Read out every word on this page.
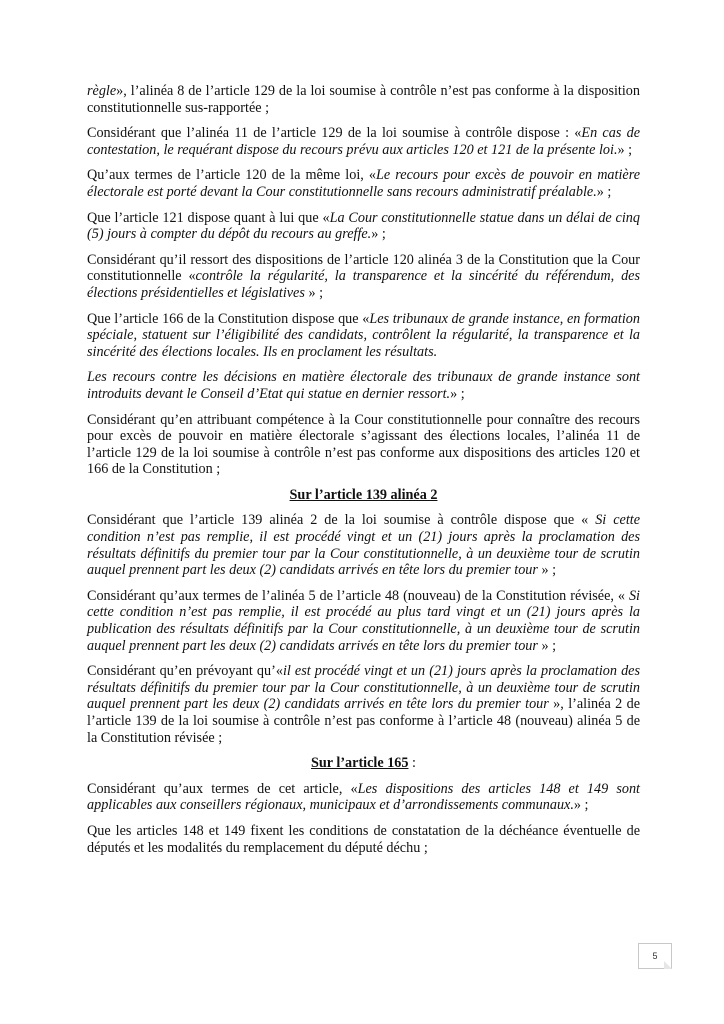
règle», l’alinéa 8 de l’article 129 de la loi soumise à contrôle n’est pas conforme à la disposition constitutionnelle sus-rapportée ;

Considérant que l’alinéa 11 de l’article 129 de la loi soumise à contrôle dispose : «En cas de contestation, le requérant dispose du recours prévu aux articles 120 et 121 de la présente loi.» ;

Qu’aux termes de l’article 120 de la même loi, «Le recours pour excès de pouvoir en matière électorale est porté devant la Cour constitutionnelle sans recours administratif préalable.» ;

Que l’article 121 dispose quant à lui que «La Cour constitutionnelle statue dans un délai de cinq (5) jours à compter du dépôt du recours au greffe.» ;

Considérant qu’il ressort des dispositions de l’article 120 alinéa 3 de la Constitution que la Cour constitutionnelle «contrôle la régularité, la transparence et la sincérité du référendum, des élections présidentielles et législatives » ;

Que l’article 166 de la Constitution dispose que «Les tribunaux de grande instance, en formation spéciale, statuent sur l’éligibilité des candidats, contrôlent la régularité, la transparence et la sincérité des élections locales. Ils en proclament les résultats.

Les recours contre les décisions en matière électorale des tribunaux de grande instance sont introduits devant le Conseil d’Etat qui statue en dernier ressort.» ;

Considérant qu’en attribuant compétence à la Cour constitutionnelle pour connaître des recours pour excès de pouvoir en matière électorale s’agissant des élections locales, l’alinéa 11 de l’article 129 de la loi soumise à contrôle n’est pas conforme aux dispositions des articles 120 et 166 de la Constitution ;

Sur l’article 139 alinéa 2

Considérant que l’article 139 alinéa 2 de la loi soumise à contrôle dispose que « Si cette condition n’est pas remplie, il est procédé vingt et un (21) jours après la proclamation des résultats définitifs du premier tour par la Cour constitutionnelle, à un deuxième tour de scrutin auquel prennent part les deux (2) candidats arrivés en tête lors du premier tour » ;

Considérant qu’aux termes de l’alinéa 5 de l’article 48 (nouveau) de la Constitution révisée, « Si cette condition n’est pas remplie, il est procédé au plus tard vingt et un (21) jours après la publication des résultats définitifs par la Cour constitutionnelle, à un deuxième tour de scrutin auquel prennent part les deux (2) candidats arrivés en tête lors du premier tour » ;

Considérant qu’en prévoyant qu’«il est procédé vingt et un (21) jours après la proclamation des résultats définitifs du premier tour par la Cour constitutionnelle, à un deuxième tour de scrutin auquel prennent part les deux (2) candidats arrivés en tête lors du premier tour », l’alinéa 2 de l’article 139 de la loi soumise à contrôle n’est pas conforme à l’article 48 (nouveau) alinéa 5 de la Constitution révisée ;

Sur l’article 165 :

Considérant qu’aux termes de cet article, «Les dispositions des articles 148 et 149 sont applicables aux conseillers régionaux, municipaux et d’arrondissements communaux.» ;

Que les articles 148 et 149 fixent les conditions de constatation de la déchéance éventuelle de députés et les modalités du remplacement du député déchu ;

5
